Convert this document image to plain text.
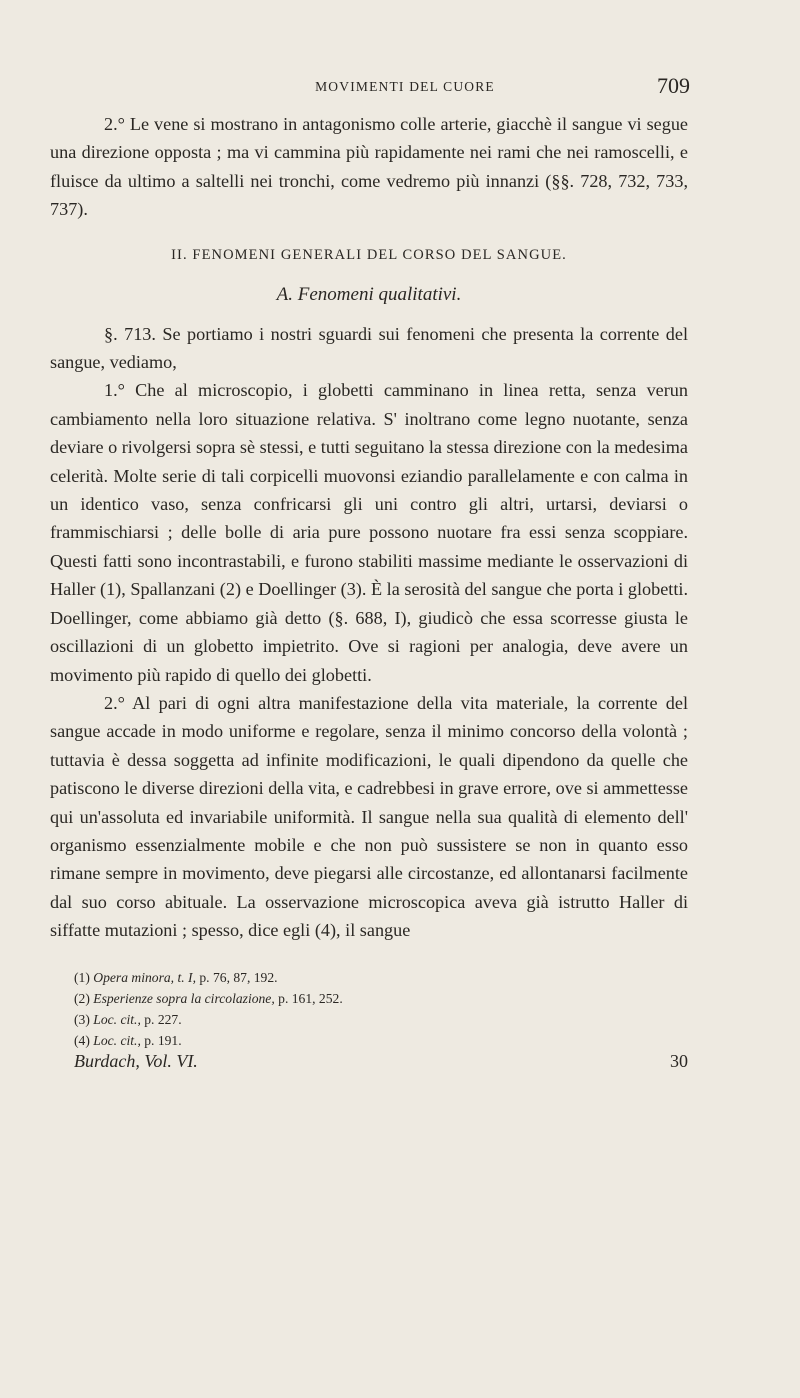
MOVIMENTI DEL CUORE	709

2.° Le vene si mostrano in antagonismo colle arterie, giacchè il sangue vi segue una direzione opposta ; ma vi cammina più rapidamente nei rami che nei ramoscelli, e fluisce da ultimo a saltelli nei tronchi, come vedremo più innanzi (§§. 728, 732, 733, 737).

II. FENOMENI GENERALI DEL CORSO DEL SANGUE.
A. Fenomeni qualitativi.

§. 713. Se portiamo i nostri sguardi sui fenomeni che presenta la corrente del sangue, vediamo,

1.° Che al microscopio, i globetti camminano in linea retta, senza verun cambiamento nella loro situazione relativa. S' inoltrano come legno nuotante, senza deviare o rivolgersi sopra sè stessi, e tutti seguitano la stessa direzione con la medesima celerità. Molte serie di tali corpicelli muovonsi eziandio parallelamente e con calma in un identico vaso, senza confricarsi gli uni contro gli altri, urtarsi, deviarsi o frammischiarsi ; delle bolle di aria pure possono nuotare fra essi senza scoppiare. Questi fatti sono incontrastabili, e furono stabiliti massime mediante le osservazioni di Haller (1), Spallanzani (2) e Doellinger (3). È la serosità del sangue che porta i globetti. Doellinger, come abbiamo già detto (§. 688, I), giudicò che essa scorresse giusta le oscillazioni di un globetto impietrito. Ove si ragioni per analogia, deve avere un movimento più rapido di quello dei globetti.

2.° Al pari di ogni altra manifestazione della vita materiale, la corrente del sangue accade in modo uniforme e regolare, senza il minimo concorso della volontà ; tuttavia è dessa soggetta ad infinite modificazioni, le quali dipendono da quelle che patiscono le diverse direzioni della vita, e cadrebbesi in grave errore, ove si ammettesse qui un'assoluta ed invariabile uniformità. Il sangue nella sua qualità di elemento dell' organismo essenzialmente mobile e che non può sussistere se non in quanto esso rimane sempre in movimento, deve piegarsi alle circostanze, ed allontanarsi facilmente dal suo corso abituale. La osservazione microscopica aveva già istrutto Haller di siffatte mutazioni ; spesso, dice egli (4), il sangue

(1) Opera minora, t. I, p. 76, 87, 192.
(2) Esperienze sopra la circolazione, p. 161, 252.
(3) Loc. cit., p. 227.
(4) Loc. cit., p. 191.
Burdach, Vol. VI.	30
